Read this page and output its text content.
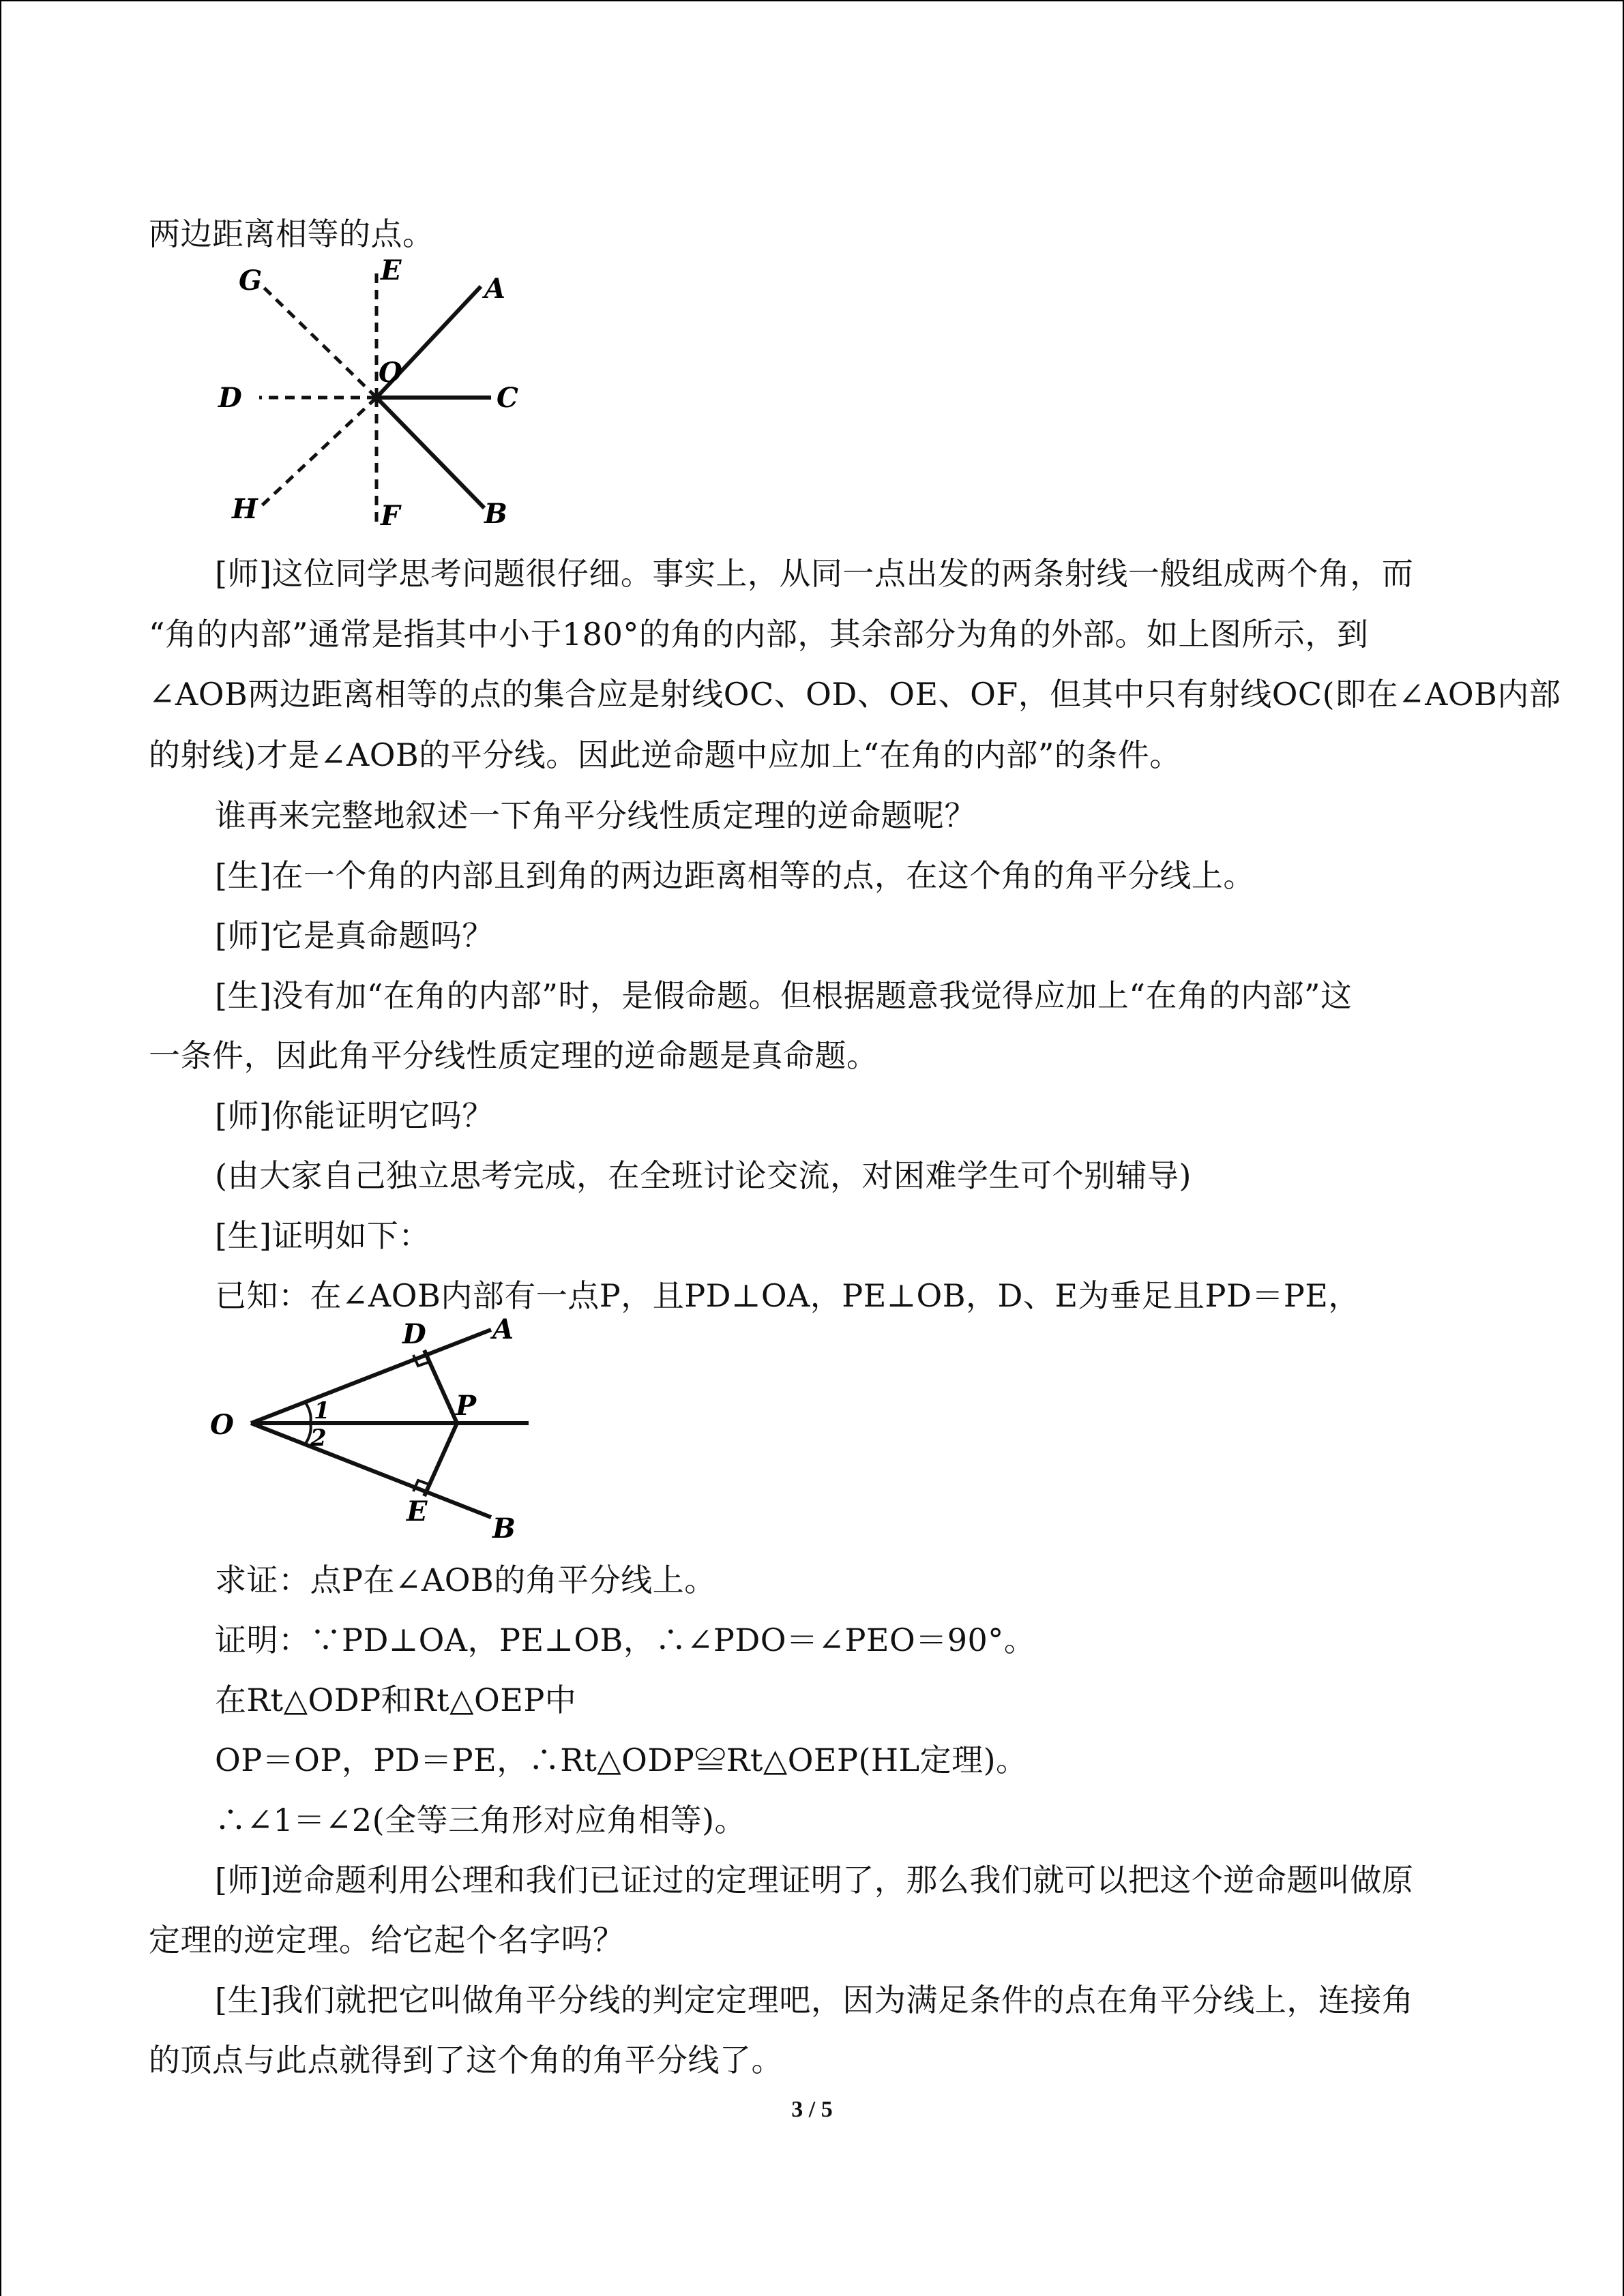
两边距离相等的点。
G	E
A
O
D	C
H	F	B
[师]这位同学思考问题很仔细。事实上，从同一点出发的两条射线一般组成两个角，而
“角的内部”通常是指其中小于180°的角的内部，其余部分为角的外部。如上图所示，到
∠AOB两边距离相等的点的集合应是射线OC、OD、OE、OF，但其中只有射线OC(即在∠AOB内部
的射线)才是∠AOB的平分线。因此逆命题中应加上“在角的内部”的条件。
谁再来完整地叙述一下角平分线性质定理的逆命题呢？
[生]在一个角的内部且到角的两边距离相等的点，在这个角的角平分线上。
[师]它是真命题吗？
[生]没有加“在角的内部”时，是假命题。但根据题意我觉得应加上“在角的内部”这
一条件，因此角平分线性质定理的逆命题是真命题。
[师]你能证明它吗？
(由大家自己独立思考完成，在全班讨论交流，对困难学生可个别辅导)
[生]证明如下：
已知：在∠AOB内部有一点P，且PD⊥OA，PE⊥OB，D、E为垂足且PD＝PE，
O
D A
1
2
P
E
B
求证：点P在∠AOB的角平分线上。
证明：∵PD⊥OA，PE⊥OB，∴∠PDO＝∠PEO＝90°。
在Rt△ODP和Rt△OEP中
OP＝OP，PD＝PE，∴Rt△ODP≌Rt△OEP(HL定理)。
∴∠1＝∠2(全等三角形对应角相等)。
[师]逆命题利用公理和我们已证过的定理证明了，那么我们就可以把这个逆命题叫做原
定理的逆定理。给它起个名字吗？
[生]我们就把它叫做角平分线的判定定理吧，因为满足条件的点在角平分线上，连接角
的顶点与此点就得到了这个角的角平分线了。
3 / 5
